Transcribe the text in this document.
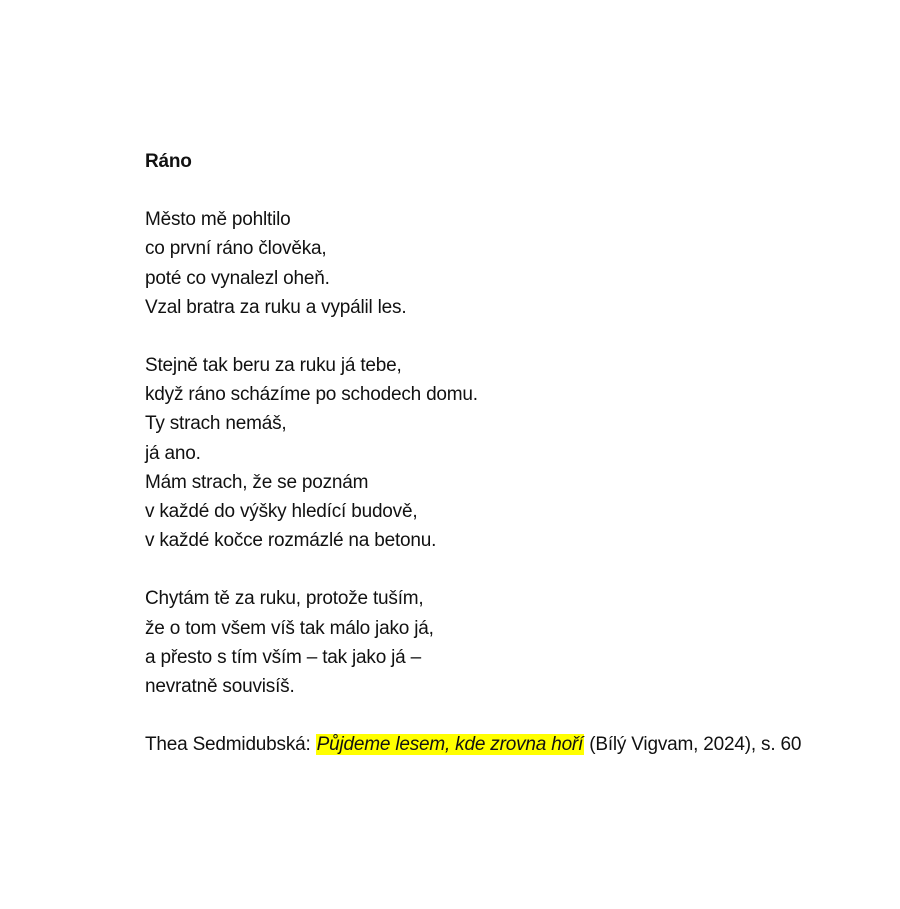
Ráno
Město mě pohltilo
co první ráno člověka,
poté co vynalezl oheň.
Vzal bratra za ruku a vypálil les.
Stejně tak beru za ruku já tebe,
když ráno scházíme po schodech domu.
Ty strach nemáš,
já ano.
Mám strach, že se poznám
v každé do výšky hledící budově,
v každé kočce rozmázlé na betonu.
Chytám tě za ruku, protože tuším,
že o tom všem víš tak málo jako já,
a přesto s tím vším – tak jako já –
nevratně souvisíš.
Thea Sedmidubská: Půjdeme lesem, kde zrovna hoří (Bílý Vigvam, 2024), s. 60
